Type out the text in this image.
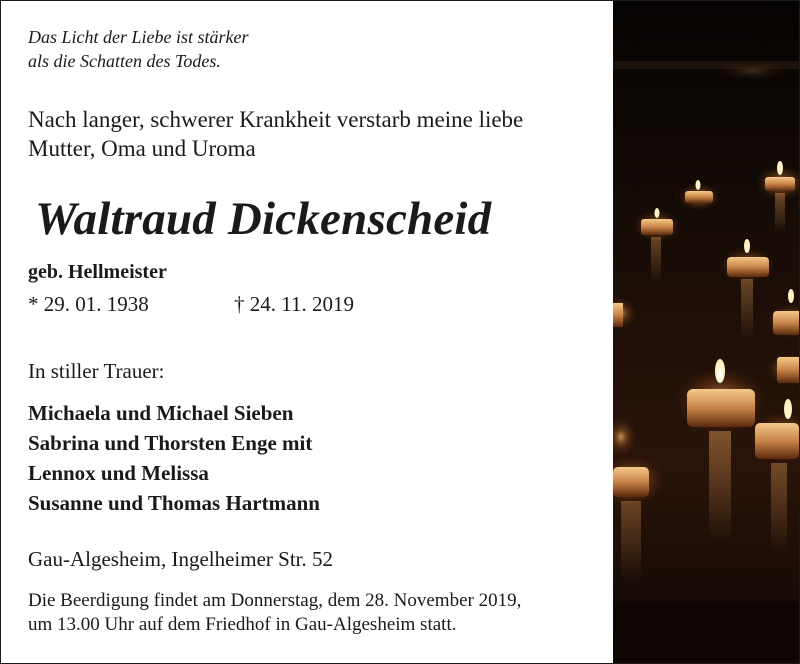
Das Licht der Liebe ist stärker
als die Schatten des Todes.
Nach langer, schwerer Krankheit verstarb meine liebe
Mutter, Oma und Uroma
Waltraud Dickenscheid
geb. Hellmeister
* 29. 01. 1938	† 24. 11. 2019
In stiller Trauer:
Michaela und Michael Sieben
Sabrina und Thorsten Enge mit
Lennox und Melissa
Susanne und Thomas Hartmann
Gau-Algesheim, Ingelheimer Str. 52
Die Beerdigung findet am Donnerstag, dem 28. November 2019,
um 13.00 Uhr auf dem Friedhof in Gau-Algesheim statt.
